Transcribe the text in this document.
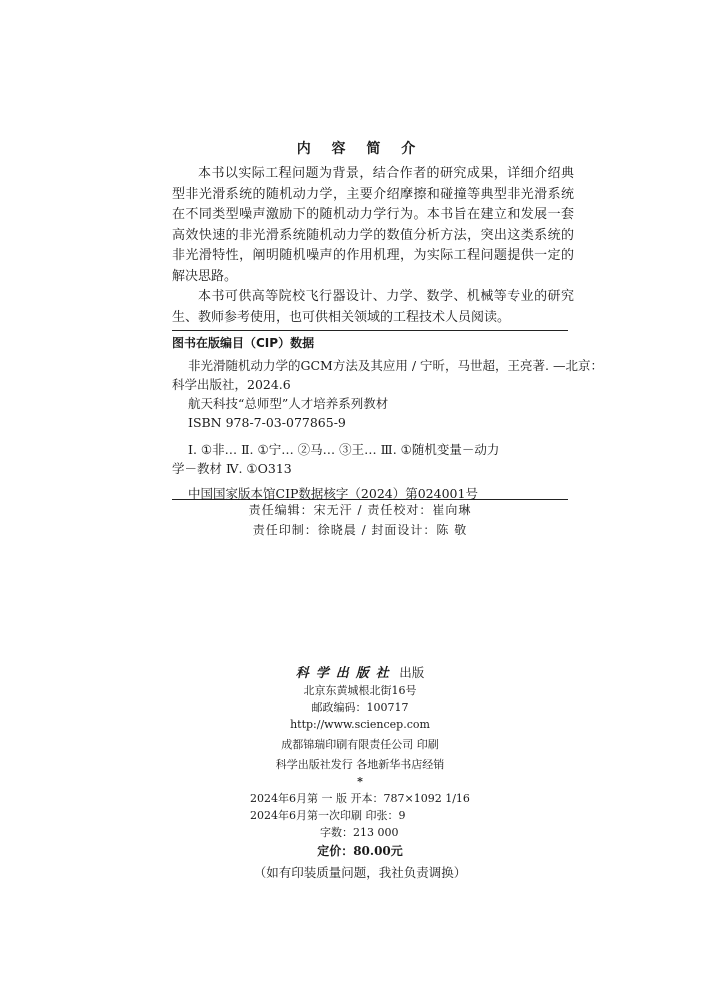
内 容 简 介

本书以实际工程问题为背景，结合作者的研究成果，详细介绍典型非光滑系统的随机动力学，主要介绍摩擦和碰撞等典型非光滑系统在不同类型噪声激励下的随机动力学行为。本书旨在建立和发展一套高效快速的非光滑系统随机动力学的数值分析方法，突出这类系统的非光滑特性，阐明随机噪声的作用机理，为实际工程问题提供一定的解决思路。

本书可供高等院校飞行器设计、力学、数学、机械等专业的研究生、教师参考使用，也可供相关领域的工程技术人员阅读。

图书在版编目（CIP）数据
非光滑随机动力学的GCM方法及其应用 / 宁昕，马世超，王亮著. —北京：
科学出版社，2024.6
航天科技“总师型”人才培养系列教材
ISBN 978-7-03-077865-9
Ⅰ. ①非… Ⅱ. ①宁… ②马… ③王… Ⅲ. ①随机变量－动力
学－教材 Ⅳ. ①O313
中国国家版本馆CIP数据核字（2024）第024001号
责任编辑：宋无汗 / 责任校对：崔向琳
责任印制：徐晓晨 / 封面设计：陈 敬
科学出版社 出版
北京东黄城根北街16号
邮政编码：100717
http://www.sciencep.com
成都锦瑞印刷有限责任公司 印刷
科学出版社发行 各地新华书店经销
*
2024年6月第 一 版 开本：787×1092 1/16
2024年6月第一次印刷 印张：9
字数：213 000
定价：80.00元
（如有印装质量问题，我社负责调换）
